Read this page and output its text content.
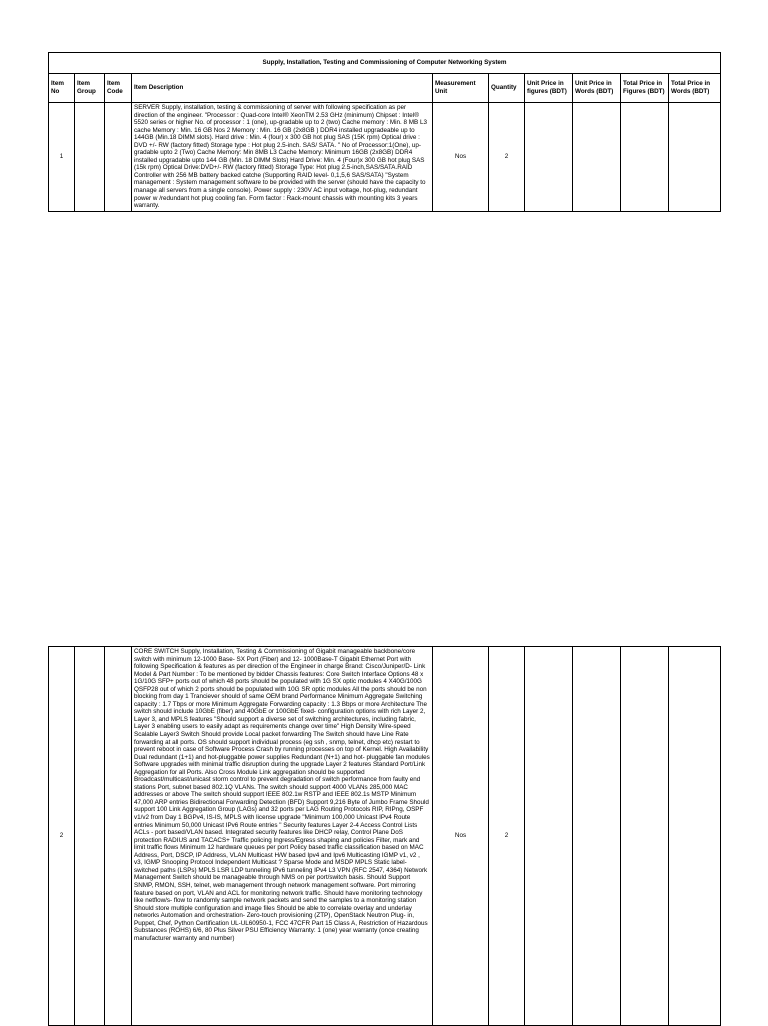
Supply, Installation, Testing and Commissioning of Computer Networking System									
Item No	Item Group	Item Code	Item Description	Measurement Unit	Quantity	Unit Price in figures (BDT)	Unit Price in Words (BDT)	Total Price in Figures (BDT)	Total Price in Words (BDT)
1			SERVER Supply, installation, testing & commissioning of server with following specification as per direction of the engineer. "Processor : Quad-core Intel® XeonTM 2.53 GHz (minimum) Chipset : Intel® 5520 series or higher No. of processor : 1 (one), up-gradable up to 2 (two) Cache memory : Min. 8 MB L3 cache Memory : Min. 16 GB Nos 2 Memory : Min. 16 GB (2x8GB ) DDR4 installed upgradeable up to 144GB (Min.18 DIMM slots). Hard drive : Min. 4 (four) x 300 GB hot plug SAS (15K rpm) Optical drive : DVD +/- RW (factory fitted) Storage type : Hot plug 2.5-inch. SAS/ SATA. " No of Processor:1(One), up-gradable upto 2 (Two) Cache Memory: Min 8MB L3 Cache Memory: Minimum 16GB (2x8GB) DDR4 installed upgradable upto 144 GB (Min. 18 DIMM Slots) Hard Drive: Min. 4 (Four)x 300 GB hot plug SAS (15k rpm) Optical Drive:DVD+/- RW (factory fitted) Storage Type: Hot plug 2.5-inch,SAS/SATA.RAID Controller with 256 MB battery backed catche (Supporting RAID level- 0,1,5,6 SAS/SATA) "System management : System management software to be provided with the server (should have the capacity to manage all servers from a single console). Power supply : 230V AC input voltage, hot-plug, redundant power w /redundant hot plug cooling fan. Form factor : Rack-mount chassis with mounting kits 3 years warranty.	Nos	2				
2			CORE SWITCH Supply, Installation, Testing & Commissioning of Gigabit manageable backbone/core switch with minimum 12-1000 Base- SX Port (Fiber) and 12- 1000Base-T Gigabit Ethernet Port with following Specification & features as per direction of the Engineer in charge Brand: Cisco/Juniper/D- Link Model & Part Number : To be mentioned by bidder Chassis features: Core Switch Interface Options 48 x 1G/10G SFP+ ports out of which 48 ports should be populated with 1G SX optic modules 4 X40G/100G QSFP28 out of which 2 ports should be populated with 10G SR optic modules All the ports should be non blocking from day 1 Tranciever should of same OEM brand Performance Minimum Aggregate Switching capacity : 1.7 Tbps or more Minimum Aggregate Forwarding capacity : 1.3 Bbps or more Architecture The switch should include 10GbE (fiber) and 40GbE or 100GbE fixed- configuration options with rich Layer 2, Layer 3, and MPLS features "Should support a diverse set of switching architectures, including fabric, Layer 3 enabling users to easily adapt as requirements change over time" High Density Wire-speed Scalable Layer3 Switch Should provide Local packet forwarding The Switch should have Line Rate forwarding at all ports. OS should support individual process (eg ssh , snmp, telnet, dhcp etc) restart to prevent reboot in case of Software Process Crash by running processes on top of Kernel. High Availability Dual redundant (1+1) and hot-pluggable power supplies Redundant (N+1) and hot- pluggable fan modules Software upgrades with minimal traffic disruption during the upgrade Layer 2 features Standard Port/Link Aggregation for all Ports. Also Cross Module Link aggregation should be supported Broadcast/multicast/unicast storm control to prevent degradation of switch performance from faulty end stations Port, subnet based 802.1Q VLANs. The switch should support 4000 VLANs 285,000 MAC addresses or above The switch should support IEEE 802.1w RSTP and IEEE 802.1s MSTP Minimum 47,000 ARP entries Bidirectional Forwarding Detection (BFD) Support 9,216 Byte of Jumbo Frame Should support 100 Link Aggregation Group (LAGs) and 32 ports per LAG Routing Protocols RIP, RIPng, OSPF v1/v2 from Day 1 BGPv4, IS-IS, MPLS with license upgrade "Minimum 100,000 Unicast IPv4 Route entries Minimum 50,000 Unicast IPv6 Route entries " Security features Layer 2-4 Access Control Lists ACLs - port based/VLAN based. Integrated security features like DHCP relay, Control Plane DoS protection RADIUS and TACACS+ Traffic policing Ingress/Egress shaping and policies Filter, mark and limit traffic flows Minimum 12 hardware queues per port Policy based traffic classification based on MAC Address, Port, DSCP, IP Address, VLAN Multicast H/W based Ipv4 and Ipv6 Multicasting IGMP v1, v2 , v3, IGMP Snooping Protocol Independent Multicast ? Sparse Mode and MSDP MPLS Static label-switched paths (LSPs) MPLS LSR LDP tunneling IPv6 tunneling IPv4 L3 VPN (RFC 2547, 4364) Network Management Switch should be manageable through NMS on per port/switch basis. Should Support SNMP, RMON, SSH, telnet, web management through network management software. Port mirroring feature based on port, VLAN and ACL for monitoring network traffic. Should have monitoring technology like netflow/s- flow to randomly sample network packets and send the samples to a monitoring station Should store multiple configuration and image files Should be able to correlate overlay and underlay networks Automation and orchestration- Zero-touch provisioning (ZTP), OpenStack Neutron Plug- in, Puppet, Chef, Python Certification UL-UL60950-1, FCC 47CFR Part 15 Class A, Restriction of Hazardous Substances (ROHS) 6/6, 80 Plus Silver PSU Efficiency Warranty: 1 (one) year warranty (once creating manufacturer warranty and number)	Nos	2				
